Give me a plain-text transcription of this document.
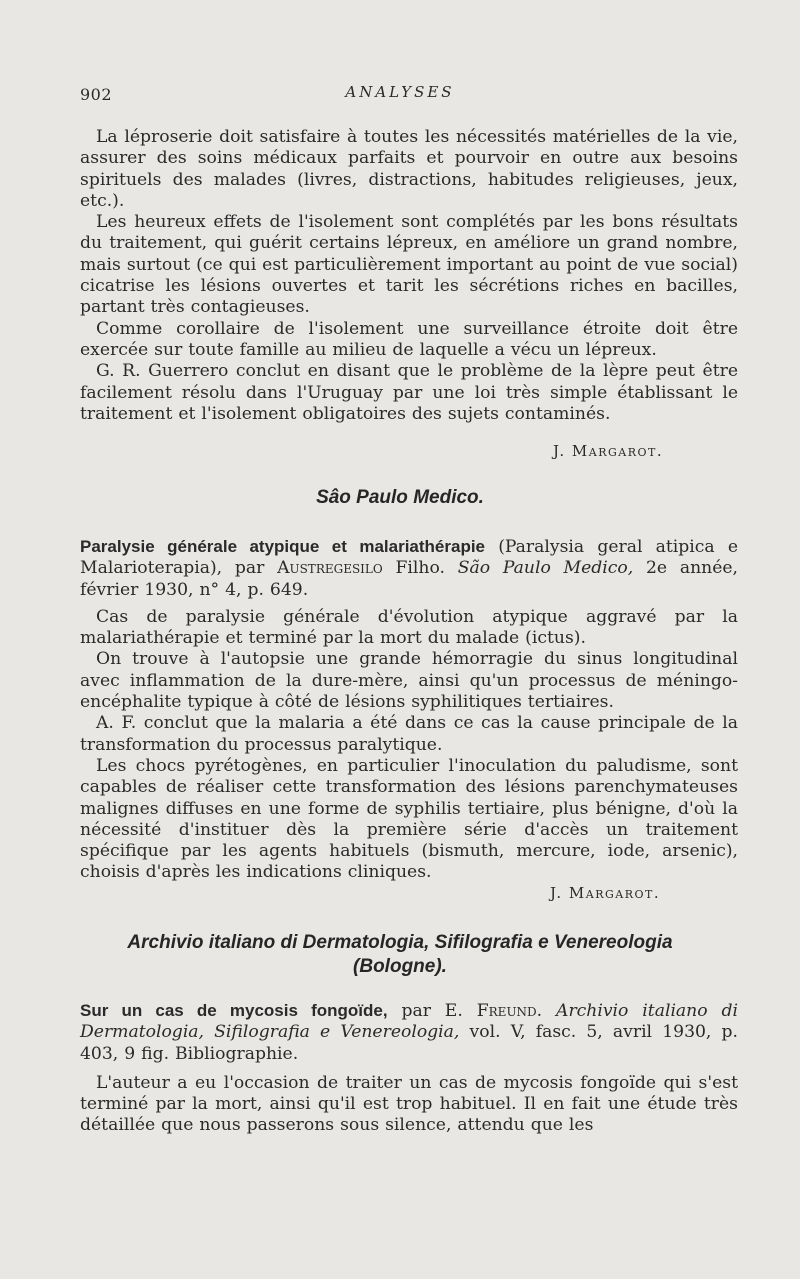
902	ANALYSES

La léproserie doit satisfaire à toutes les nécessités matérielles de la vie, assurer des soins médicaux parfaits et pourvoir en outre aux besoins spirituels des malades (livres, distractions, habitudes religieuses, jeux, etc.).

Les heureux effets de l'isolement sont complétés par les bons résultats du traitement, qui guérit certains lépreux, en améliore un grand nombre, mais surtout (ce qui est particulièrement important au point de vue social) cicatrise les lésions ouvertes et tarit les sécrétions riches en bacilles, partant très contagieuses.

Comme corollaire de l'isolement une surveillance étroite doit être exercée sur toute famille au milieu de laquelle a vécu un lépreux.

G. R. Guerrero conclut en disant que le problème de la lèpre peut être facilement résolu dans l'Uruguay par une loi très simple établissant le traitement et l'isolement obligatoires des sujets contaminés.

J. Margarot.
Sâo Paulo Medico.

Paralysie générale atypique et malariathérapie (Paralysia geral atipica e Malarioterapia), par Austregesilo Filho. São Paulo Medico, 2e année, février 1930, n° 4, p. 649.

Cas de paralysie générale d'évolution atypique aggravé par la malariathérapie et terminé par la mort du malade (ictus).

On trouve à l'autopsie une grande hémorragie du sinus longitudinal avec inflammation de la dure-mère, ainsi qu'un processus de méningo-encéphalite typique à côté de lésions syphilitiques tertiaires.

A. F. conclut que la malaria a été dans ce cas la cause principale de la transformation du processus paralytique.

Les chocs pyrétogènes, en particulier l'inoculation du paludisme, sont capables de réaliser cette transformation des lésions parenchymateuses malignes diffuses en une forme de syphilis tertiaire, plus bénigne, d'où la nécessité d'instituer dès la première série d'accès un traitement spécifique par les agents habituels (bismuth, mercure, iode, arsenic), choisis d'après les indications cliniques.

J. Margarot.
Archivio italiano di Dermatologia, Sifilografia e Venereologia
(Bologne).

Sur un cas de mycosis fongoïde, par E. Freund. Archivio italiano di Dermatologia, Sifilografia e Venereologia, vol. V, fasc. 5, avril 1930, p. 403, 9 fig. Bibliographie.

L'auteur a eu l'occasion de traiter un cas de mycosis fongoïde qui s'est terminé par la mort, ainsi qu'il est trop habituel. Il en fait une étude très détaillée que nous passerons sous silence, attendu que les
